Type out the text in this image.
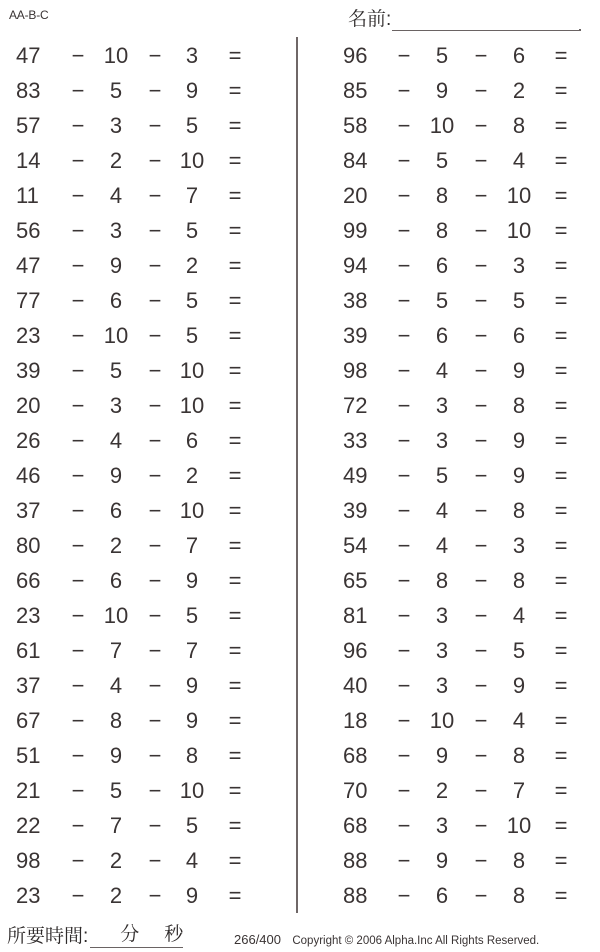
AA-B-C	名前:
47	− 10 −	3	=
83	−	5	−	9	=
57	−	3	−	5	=
14	−	2	− 10 =
11	−	4	−	7	=
56	−	3	−	5	=
47	−	9	−	2	=
77	−	6	−	5	=
23	− 10 −	5	=
39	−	5	− 10 =
20	−	3	− 10 =
26	−	4	−	6	=
46	−	9	−	2	=
37	−	6	− 10 =
80	−	2	−	7	=
66	−	6	−	9	=
23	− 10 −	5	=
61	−	7	−	7	=
37	−	4	−	9	=
67	−	8	−	9	=
51	−	9	−	8	=
21	−	5	− 10 =
22	−	7	−	5	=
98	−	2	−	4	=
23	−	2	−	9	=
96	−	5	−	6	=
85	−	9	−	2	=
58	− 10 −	8	=
84	−	5	−	4	=
20	−	8	− 10 =
99	−	8	− 10 =
94	−	6	−	3	=
38	−	5	−	5	=
39	−	6	−	6	=
98	−	4	−	9	=
72	−	3	−	8	=
33	−	3	−	9	=
49	−	5	−	9	=
39	−	4	−	8	=
54	−	4	−	3	=
65	−	8	−	8	=
81	−	3	−	4	=
96	−	3	−	5	=
40	−	3	−	9	=
18	− 10 −	4	=
68	−	9	−	8	=
70	−	2	−	7	=
68	−	3	− 10 =
88	−	9	−	8	=
88	−	6	−	8	=
所要時間: 分 秒	266/400 Copyright © 2006 Alpha.Inc All Rights Reserved.
